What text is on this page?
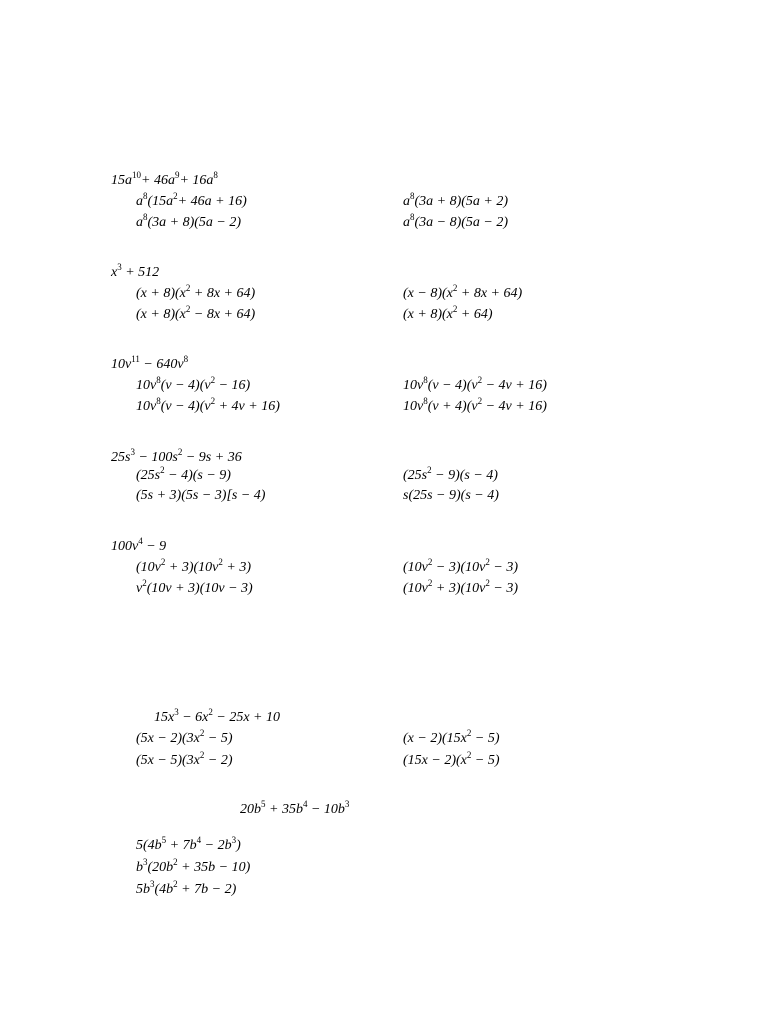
$15a^{10}+ 46a^9+ 16a^8$
$a^8(15a^2+ 46a + 16)$	$a^8(3a + 8)(5a + 2)$
$a^8(3a + 8)(5a - 2)$	$a^8(3a - 8)(5a - 2)$
$x^3 + 512$
$(x + 8)(x^2 + 8x + 64)$	$(x - 8)(x^2 + 8x + 64)$
$(x + 8)(x^2 - 8x + 64)$	$(x + 8)(x^2 + 64)$
$10v^{11} - 640v^8$
$10v^8(v - 4)(v^2 - 16)$	$10v^8(v - 4)(v^2 - 4v + 16)$
$10v^8(v - 4)(v^2 + 4v + 16)$	$10v^8(v + 4)(v^2 - 4v + 16)$
$25s^3 - 100s^2 - 9s + 36$
$(25s^2 - 4)(s - 9)$	$(25s^2 - 9)(s - 4)$
(5s + 3)(5s − 3)[s − 4)	s(25s − 9)(s − 4)
$100v^4 - 9$
$(10v^2 + 3)(10v^2 + 3)$	$(10v^2 - 3)(10v^2 - 3)$
$v^2(10v + 3)(10v - 3)$	$(10v^2 + 3)(10v^2 - 3)$
$15x^3 - 6x^2 - 25x + 10$
$(5x - 2)(3x^2 - 5)$	$(x - 2)(15x^2 - 5)$
$(5x - 5)(3x^2 - 2)$	$(15x - 2)(x^2 - 5)$
$20b^5 + 35b^4 - 10b^3$
$5(4b^5 + 7b^4 - 2b^3)$
$b^3(20b^2 + 35b - 10)$
$5b^3(4b^2 + 7b - 2)$
